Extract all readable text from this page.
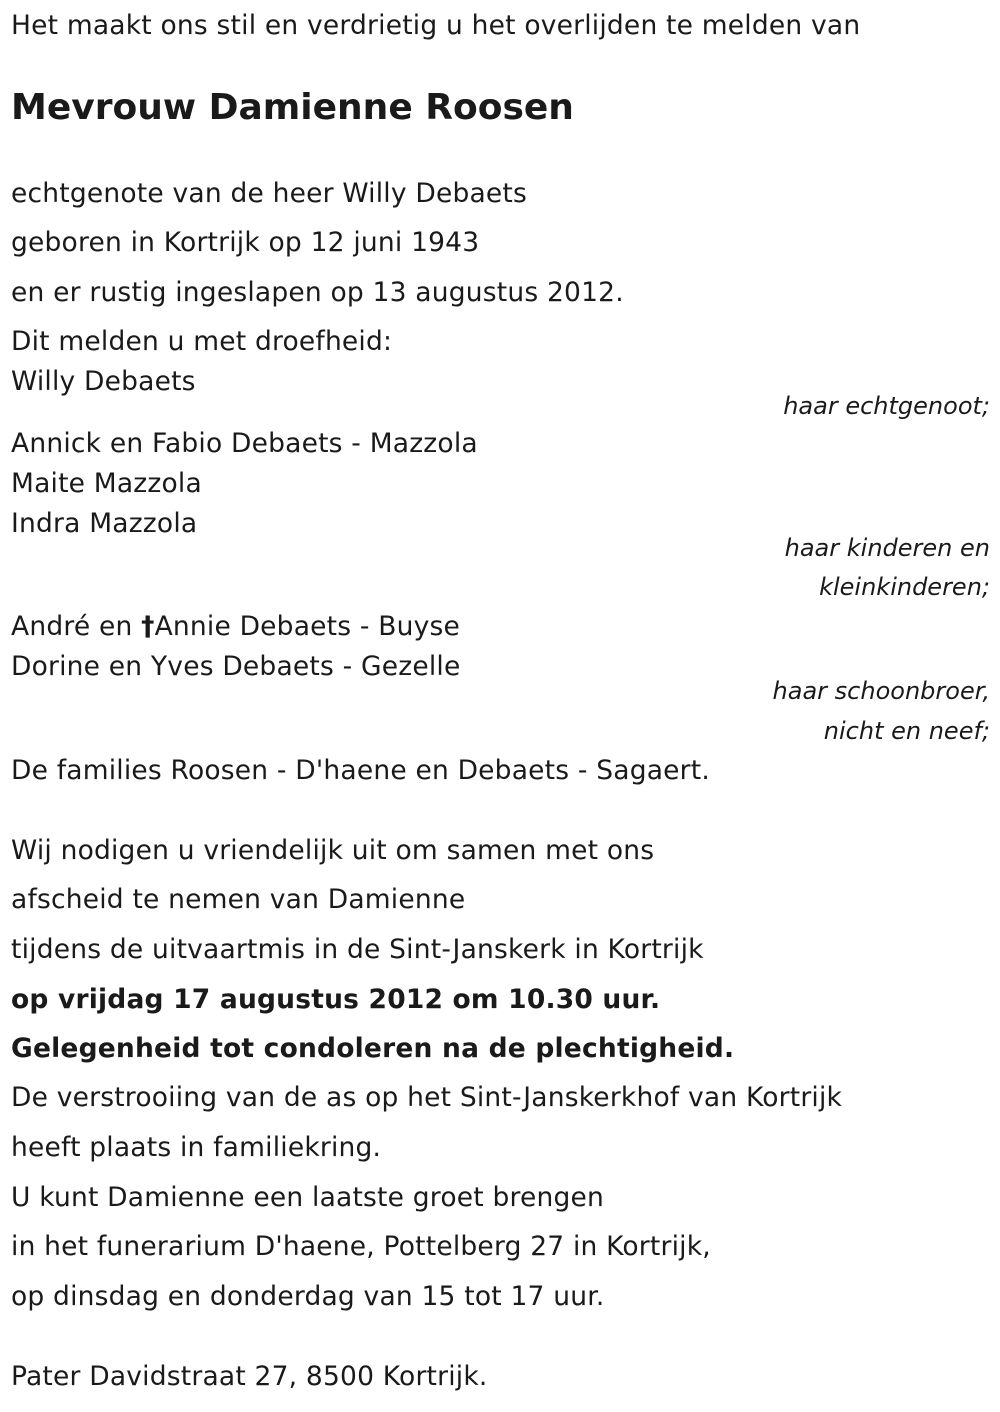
Het maakt ons stil en verdrietig u het overlijden te melden van
Mevrouw Damienne Roosen
echtgenote van de heer Willy Debaets
geboren in Kortrijk op 12 juni 1943
en er rustig ingeslapen op 13 augustus 2012.
Dit melden u met droefheid:
Willy Debaets
haar echtgenoot;
Annick en Fabio Debaets - Mazzola
Maite Mazzola
Indra Mazzola
haar kinderen en
kleinkinderen;
André en †Annie Debaets - Buyse
Dorine en Yves Debaets - Gezelle
haar schoonbroer,
nicht en neef;
De families Roosen - D'haene en Debaets - Sagaert.
Wij nodigen u vriendelijk uit om samen met ons
afscheid te nemen van Damienne
tijdens de uitvaartmis in de Sint-Janskerk in Kortrijk
op vrijdag 17 augustus 2012 om 10.30 uur.
Gelegenheid tot condoleren na de plechtigheid.
De verstrooiing van de as op het Sint-Janskerkhof van Kortrijk
heeft plaats in familiekring.
U kunt Damienne een laatste groet brengen
in het funerarium D'haene, Pottelberg 27 in Kortrijk,
op dinsdag en donderdag van 15 tot 17 uur.
Pater Davidstraat 27, 8500 Kortrijk.
